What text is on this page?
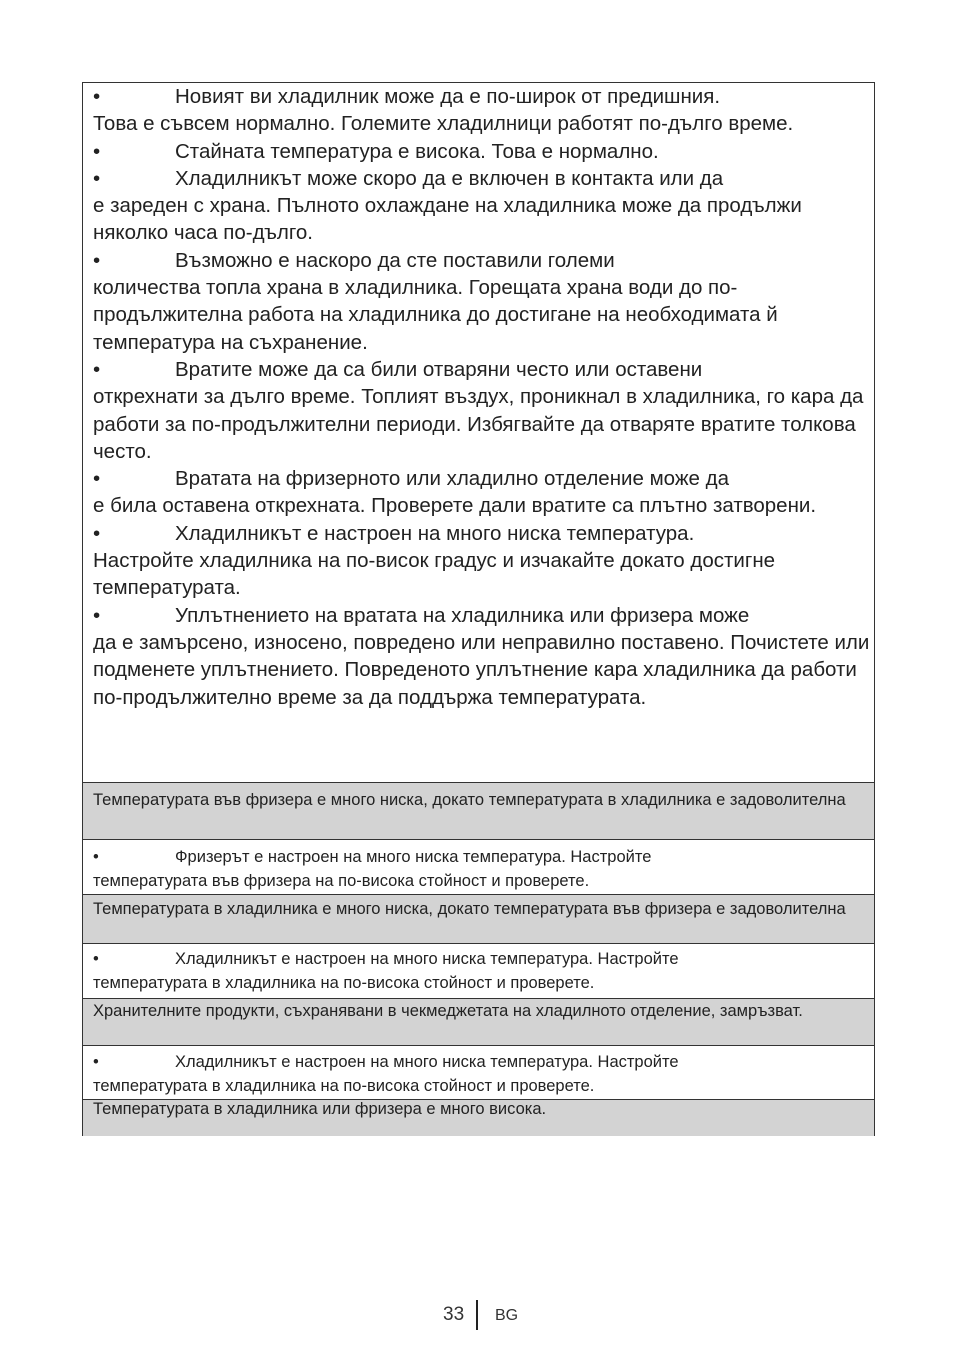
•	Новият ви хладилник може да е по-широк от предишния.
Това е съвсем нормално. Големите хладилници работят по-дълго време.

•	Стайната температура е висока. Това е нормално.

•	Хладилникът може скоро да е включен в контакта или да
е зареден с храна. Пълното охлаждане на хладилника може да продължи няколко часа по-дълго.

•	Възможно е наскоро да сте поставили големи
количества топла храна в хладилника. Горещата храна води до по-продължителна работа на хладилника до достигане на необходимата й температура на съхранение.

•	Вратите може да са били отваряни често или оставени
открехнати за дълго време. Топлият въздух, проникнал в хладилника, го кара да работи за по-продължителни периоди. Избягвайте да отваряте вратите толкова често.

•	Вратата на фризерното или хладилно отделение може да
е била оставена открехната. Проверете дали вратите са плътно затворени.

•	Хладилникът е настроен на много ниска температура.
Настройте хладилника на по-висок градус и изчакайте докато достигне температурата.

•	Уплътнението на вратата на хладилника или фризера може
да е замърсено, износено, повредено или неправилно поставено. Почистете или подменете уплътнението. Повреденото уплътнение кара хладилника да работи по-продължително време за да поддържа температурата.

Температурата във фризера е много ниска, докато температурата в хладилника е задоволителна
•	Фризерът е настроен на много ниска температура. Настройте
температурата във фризера на по-висока стойност и проверете.
Температурата в хладилника е много ниска, докато температурата във фризера е задоволителна
•	Хладилникът е настроен на много ниска температура. Настройте
температурата в хладилника на по-висока стойност и проверете.
Хранителните продукти, съхранявани в чекмеджетата на хладилното отделение, замръзват.
•	Хладилникът е настроен на много ниска температура. Настройте
температурата в хладилника на по-висока стойност и проверете.
Температурата в хладилника или фризера е много висока.
33 BG
